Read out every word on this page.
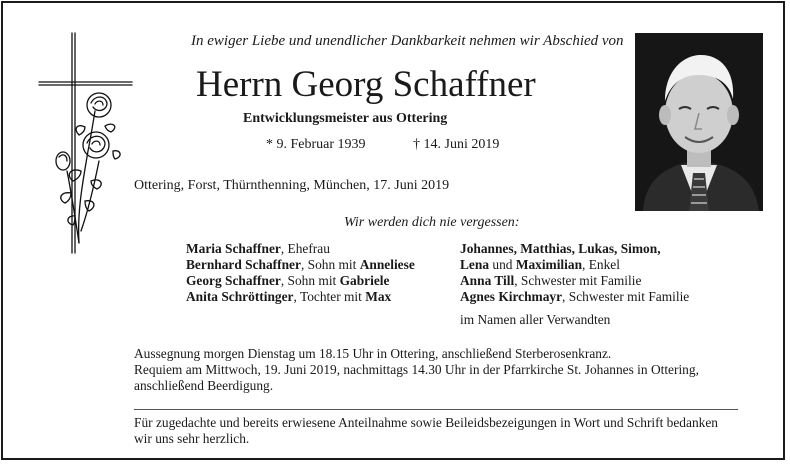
In ewiger Liebe und unendlicher Dankbarkeit nehmen wir Abschied von
Herrn Georg Schaffner
Entwicklungsmeister aus Ottering
* 9. Februar 1939	† 14. Juni 2019
Ottering, Forst, Thürnthenning, München, 17. Juni 2019
Wir werden dich nie vergessen:
Maria Schaffner, Ehefrau
Bernhard Schaffner, Sohn mit Anneliese
Georg Schaffner, Sohn mit Gabriele
Anita Schröttinger, Tochter mit Max
Johannes, Matthias, Lukas, Simon,
Lena und Maximilian, Enkel
Anna Till, Schwester mit Familie
Agnes Kirchmayr, Schwester mit Familie
im Namen aller Verwandten
Aussegnung morgen Dienstag um 18.15 Uhr in Ottering, anschließend Sterberosenkranz.
Requiem am Mittwoch, 19. Juni 2019, nachmittags 14.30 Uhr in der Pfarrkirche St. Johannes in Ottering,
anschließend Beerdigung.
Für zugedachte und bereits erwiesene Anteilnahme sowie Beileidsbezeigungen in Wort und Schrift bedanken
wir uns sehr herzlich.
